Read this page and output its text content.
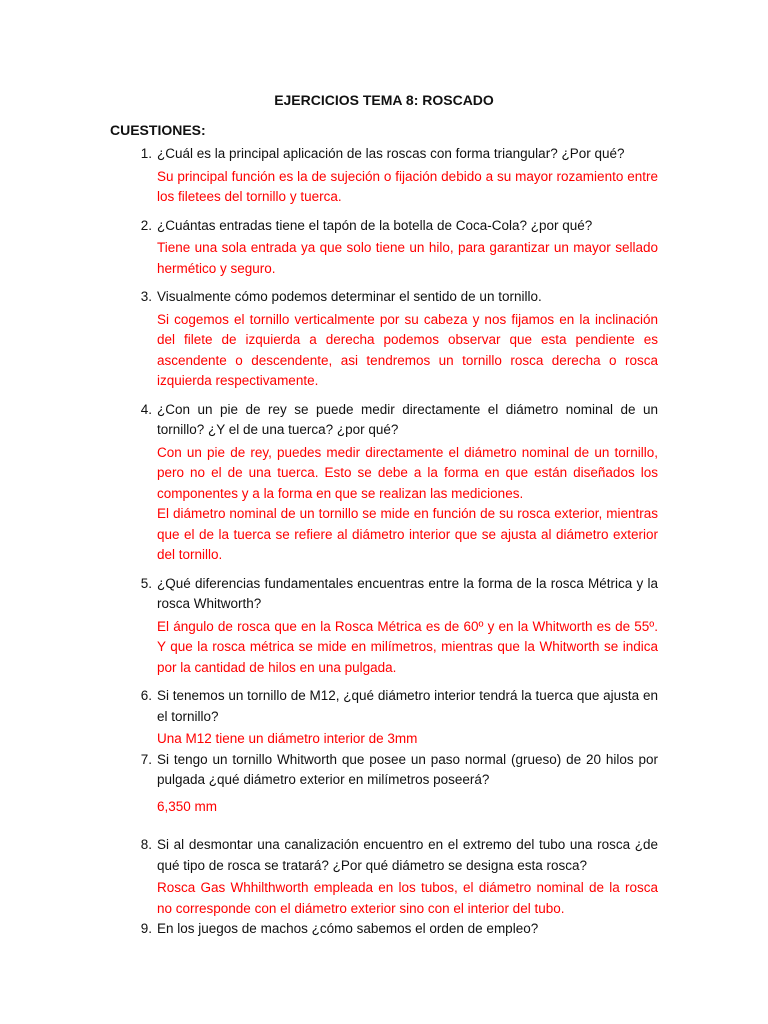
EJERCICIOS TEMA 8: ROSCADO
CUESTIONES:
1. ¿Cuál es la principal aplicación de las roscas con forma triangular? ¿Por qué?

Su principal función es la de sujeción o fijación debido a su mayor rozamiento entre los filetees del tornillo y tuerca.

2. ¿Cuántas entradas tiene el tapón de la botella de Coca-Cola? ¿por qué?

Tiene una sola entrada ya que solo tiene un hilo, para garantizar un mayor sellado hermético y seguro.

3. Visualmente cómo podemos determinar el sentido de un tornillo.

Si cogemos el tornillo verticalmente por su cabeza y nos fijamos en la inclinación del filete de izquierda a derecha podemos observar que esta pendiente es ascendente o descendente, asi tendremos un tornillo rosca derecha o rosca izquierda respectivamente.

4. ¿Con un pie de rey se puede medir directamente el diámetro nominal de un tornillo? ¿Y el de una tuerca? ¿por qué?

Con un pie de rey, puedes medir directamente el diámetro nominal de un tornillo, pero no el de una tuerca. Esto se debe a la forma en que están diseñados los componentes y a la forma en que se realizan las mediciones.

El diámetro nominal de un tornillo se mide en función de su rosca exterior, mientras que el de la tuerca se refiere al diámetro interior que se ajusta al diámetro exterior del tornillo.

5. ¿Qué diferencias fundamentales encuentras entre la forma de la rosca Métrica y la rosca Whitworth?

El ángulo de rosca que en la Rosca Métrica es de 60º y en la Whitworth es de 55º. Y que la rosca métrica se mide en milímetros, mientras que la Whitworth se indica por la cantidad de hilos en una pulgada.

6. Si tenemos un tornillo de M12, ¿qué diámetro interior tendrá la tuerca que ajusta en el tornillo?

Una M12 tiene un diámetro interior de 3mm

7. Si tengo un tornillo Whitworth que posee un paso normal (grueso) de 20 hilos por pulgada ¿qué diámetro exterior en milímetros poseerá?

6,350 mm

8. Si al desmontar una canalización encuentro en el extremo del tubo una rosca ¿de qué tipo de rosca se tratará? ¿Por qué diámetro se designa esta rosca?

Rosca Gas Whhilthworth empleada en los tubos, el diámetro nominal de la rosca no corresponde con el diámetro exterior sino con el interior del tubo.

9. En los juegos de machos ¿cómo sabemos el orden de empleo?
